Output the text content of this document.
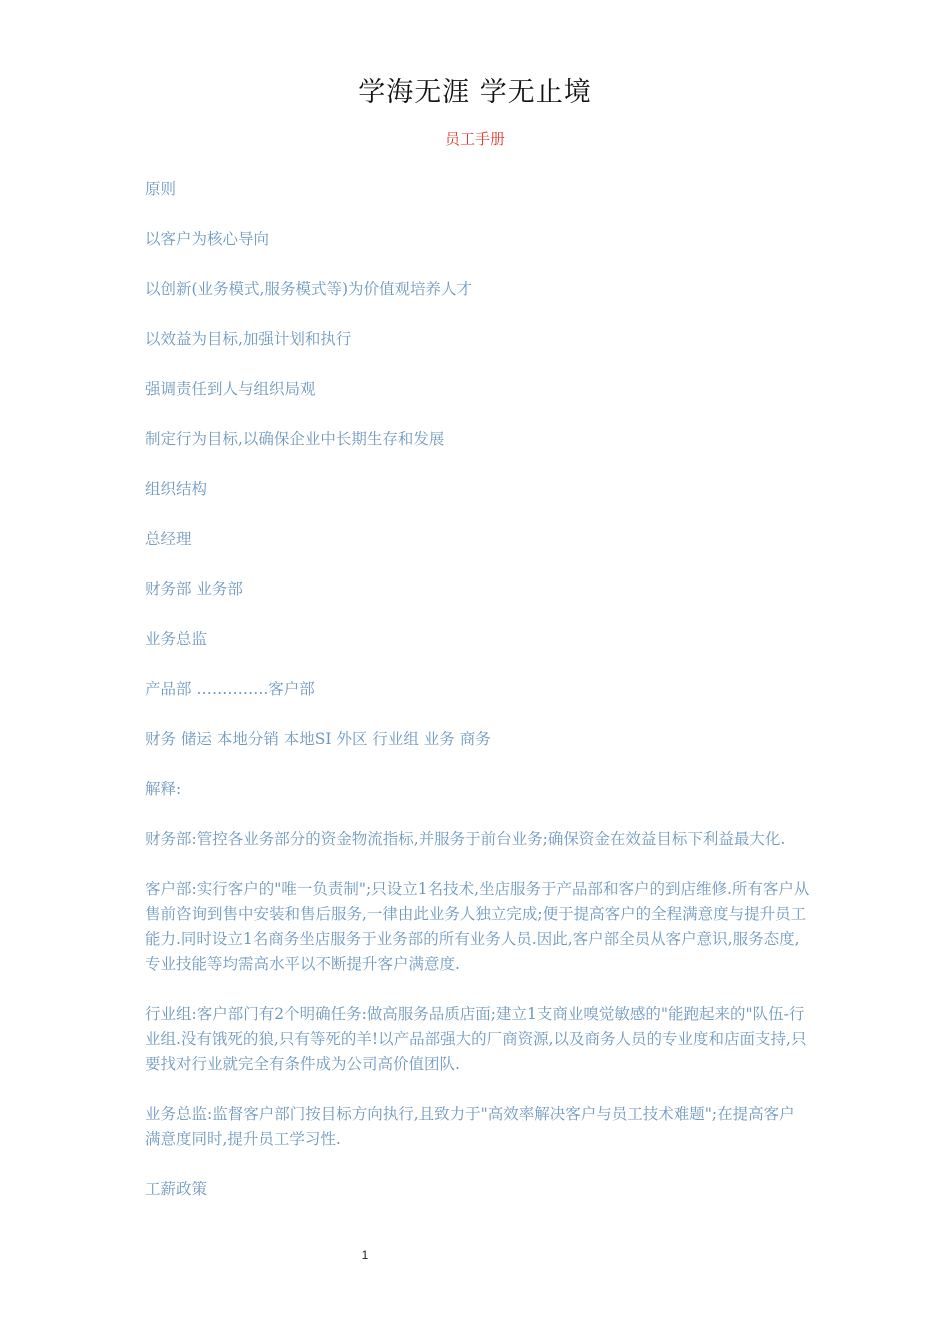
学海无涯 学无止境
员工手册

原则

以客户为核心导向

以创新(业务模式,服务模式等)为价值观培养人才

以效益为目标,加强计划和执行

强调责任到人与组织局观

制定行为目标,以确保企业中长期生存和发展

组织结构

总经理

财务部 业务部

业务总监

产品部 …………..客户部

财务 储运 本地分销 本地SI 外区 行业组 业务 商务

解释:

财务部:管控各业务部分的资金物流指标,并服务于前台业务;确保资金在效益目标下利益最大化.

客户部:实行客户的"唯一负责制";只设立1名技术,坐店服务于产品部和客户的到店维修.所有客户从售前咨询到售中安装和售后服务,一律由此业务人独立完成;便于提高客户的全程满意度与提升员工能力.同时设立1名商务坐店服务于业务部的所有业务人员.因此,客户部全员从客户意识,服务态度,专业技能等均需高水平以不断提升客户满意度.

行业组:客户部门有2个明确任务:做高服务品质店面;建立1支商业嗅觉敏感的"能跑起来的"队伍-行业组.没有饿死的狼,只有等死的羊!以产品部强大的厂商资源,以及商务人员的专业度和店面支持,只要找对行业就完全有条件成为公司高价值团队.

业务总监:监督客户部门按目标方向执行,且致力于"高效率解决客户与员工技术难题";在提高客户满意度同时,提升员工学习性.

工薪政策

1
